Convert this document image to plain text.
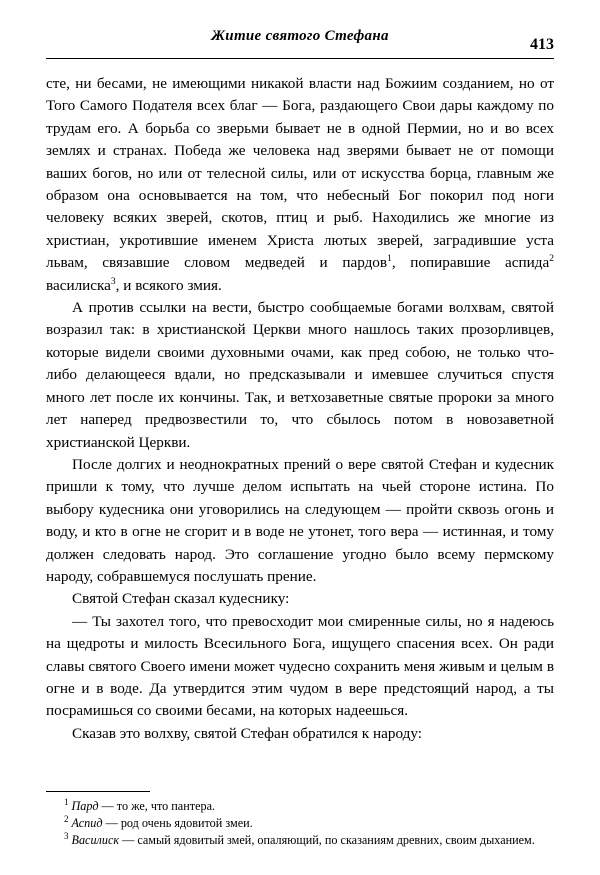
Житие святого Стефана	413

сте, ни бесами, не имеющими никакой власти над Божиим созданием, но от Того Самого Подателя всех благ — Бога, раздающего Свои дары каждому по трудам его. А борьба со зверьми бывает не в одной Пермии, но и во всех землях и странах. Победа же человека над зверями бывает не от помощи ваших богов, но или от телесной силы, или от искусства борца, главным же образом она основывается на том, что небесный Бог покорил под ноги человеку всяких зверей, скотов, птиц и рыб. Находились же многие из христиан, укротившие именем Христа лютых зверей, заградившие уста львам, связавшие словом медведей и пардов$^1$, попиравшие аспида$^2$ василиска$^3$, и всякого змия.

А против ссылки на вести, быстро сообщаемые богами волхвам, святой возразил так: в христианской Церкви много нашлось таких прозорливцев, которые видели своими духовными очами, как пред собою, не только что-либо делающееся вдали, но предсказывали и имевшее случиться спустя много лет после их кончины. Так, и ветхозаветные святые пророки за много лет наперед предвозвестили то, что сбылось потом в новозаветной христианской Церкви.

После долгих и неоднократных прений о вере святой Стефан и кудесник пришли к тому, что лучше делом испытать на чьей стороне истина. По выбору кудесника они уговорились на следующем — пройти сквозь огонь и воду, и кто в огне не сгорит и в воде не утонет, того вера — истинная, и тому должен следовать народ. Это соглашение угодно было всему пермскому народу, собравшемуся послушать прение.

Святой Стефан сказал кудеснику:

— Ты захотел того, что превосходит мои смиренные силы, но я надеюсь на щедроты и милость Всесильного Бога, ищущего спасения всех. Он ради славы святого Своего имени может чудесно сохранить меня живым и целым в огне и в воде. Да утвердится этим чудом в вере предстоящий народ, а ты посрамишься со своими бесами, на которых надеешься.

Сказав это волхву, святой Стефан обратился к народу:

$^1$ Пард — то же, что пантера.

$^2$ Аспид — род очень ядовитой змеи.

$^3$ Василиск — самый ядовитый змей, опаляющий, по сказаниям древних, своим дыханием.
